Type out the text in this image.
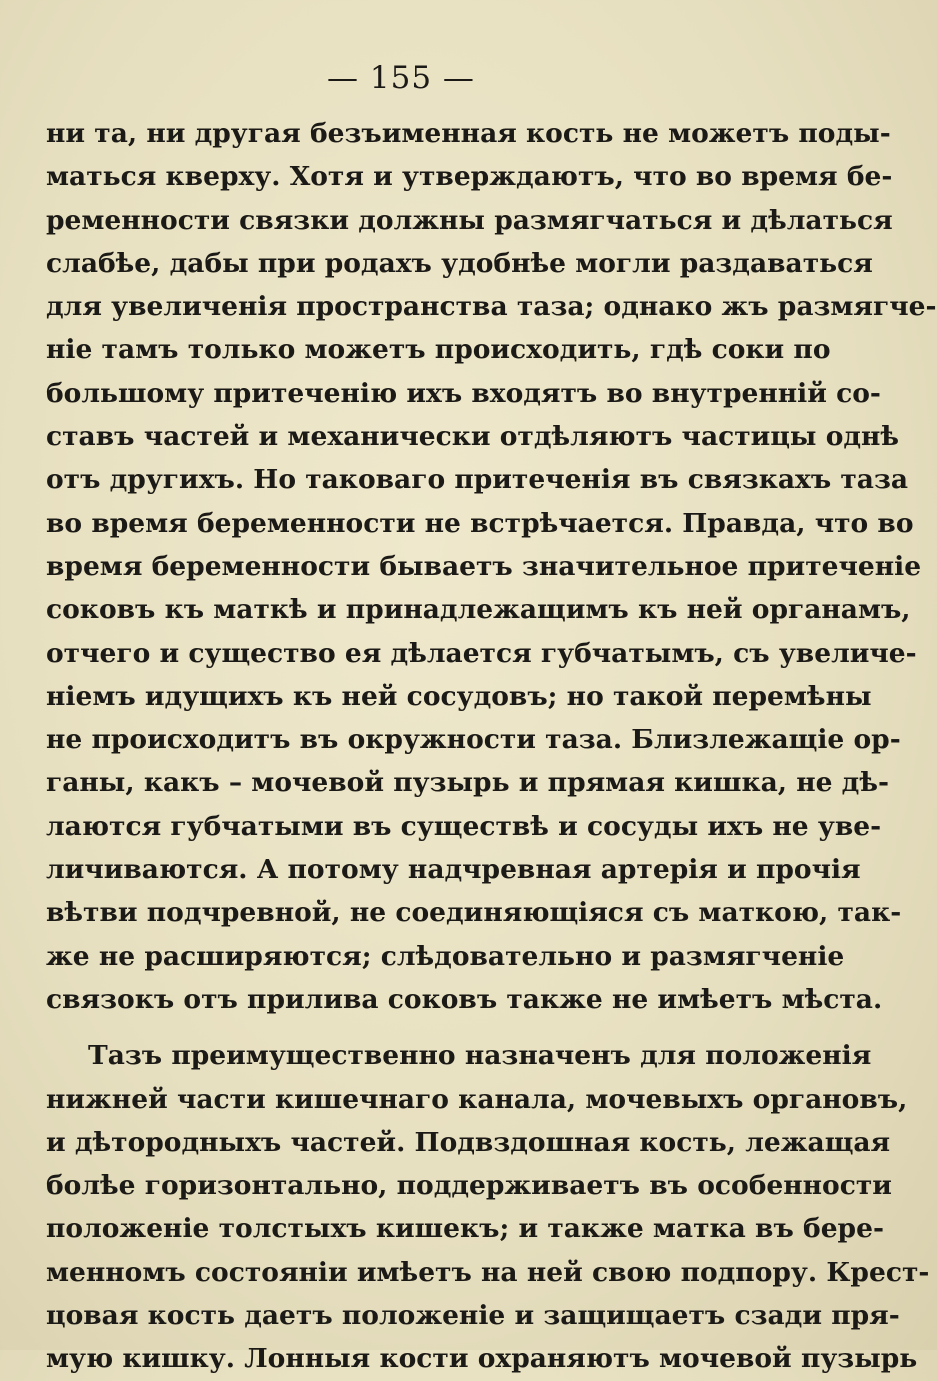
— 155 —
ни та, ни другая безъименная кость не можетъ поды-
маться кверху. Хотя и утверждаютъ, что во время бе-
ременности связки должны размягчаться и дѣлаться
слабѣе, дабы при родахъ удобнѣе могли раздаваться
для увеличенія пространства таза; однако жъ размягче-
ніе тамъ только можетъ происходить, гдѣ соки по
большому притеченію ихъ входятъ во внутренній со-
ставъ частей и механически отдѣляютъ частицы однѣ
отъ другихъ. Но таковаго притеченія въ связкахъ таза
во время беременности не встрѣчается. Правда, что во
время беременности бываетъ значительное притеченіе
соковъ къ маткѣ и принадлежащимъ къ ней органамъ,
отчего и существо ея дѣлается губчатымъ, съ увеличе-
ніемъ идущихъ къ ней сосудовъ; но такой перемѣны
не происходитъ въ окружности таза. Близлежащіе ор-
ганы, какъ – мочевой пузырь и прямая кишка, не дѣ-
лаются губчатыми въ существѣ и сосуды ихъ не уве-
личиваются. А потому надчревная артерія и прочія
вѣтви подчревной, не соединяющіяся съ маткою, так-
же не расширяются; слѣдовательно и размягченіе
связокъ отъ прилива соковъ также не имѣетъ мѣста.
Тазъ преимущественно назначенъ для положенія
нижней части кишечнаго канала, мочевыхъ органовъ,
и дѣтородныхъ частей. Подвздошная кость, лежащая
болѣе горизонтально, поддерживаетъ въ особенности
положеніе толстыхъ кишекъ; и также матка въ бере-
менномъ состояніи имѣетъ на ней свою подпору. Крест-
цовая кость даетъ положеніе и защищаетъ сзади пря-
мую кишку. Лонныя кости охраняютъ мочевой пузырь
